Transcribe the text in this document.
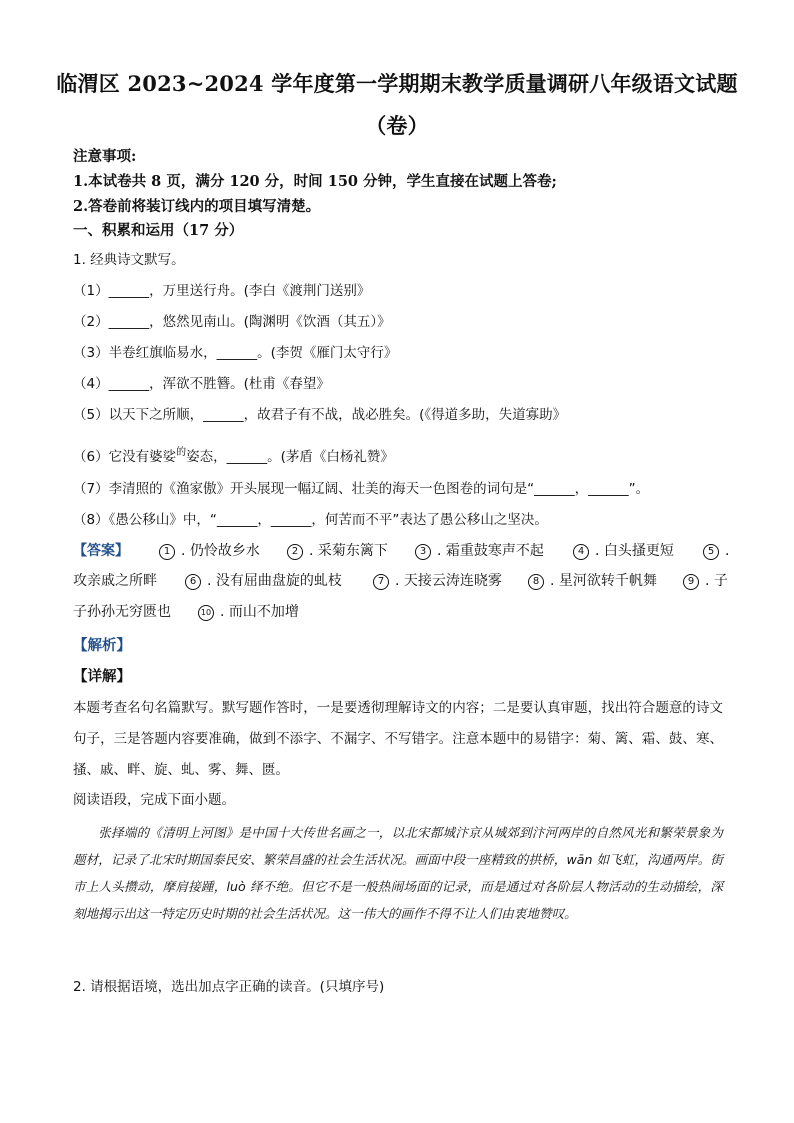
临渭区 2023~2024 学年度第一学期期末教学质量调研八年级语文试题
（卷）
注意事项:
1.本试卷共 8 页，满分 120 分，时间 150 分钟，学生直接在试题上答卷;
2.答卷前将装订线内的项目填写清楚。
一、积累和运用（17 分）
1. 经典诗文默写。
（1）______，万里送行舟。(李白《渡荆门送别》
（2）______，悠然见南山。(陶渊明《饮酒（其五）》
（3）半卷红旗临易水，______。(李贺《雁门太守行》
（4）______，浑欲不胜簪。(杜甫《春望》
（5）以天下之所顺，______，故君子有不战，战必胜矣。(《得道多助，失道寡助》
（6）它没有婆娑$^的$姿态，______。(茅盾《白杨礼赞》
（7）李清照的《渔家傲》开头展现一幅辽阔、壮美的海天一色图卷的词句是“______，______”。
（8）《愚公移山》中，“______，______，何苦而不平”表达了愚公移山之坚决。
【答案】	1 . 仍怜故乡水	2 . 采菊东篱下	3 . 霜重鼓寒声不起	4 . 白头搔更短	5 .
攻亲戚之所畔	6 . 没有屈曲盘旋的虬枝	7 . 天接云涛连晓雾	8 . 星河欲转千帆舞	9 . 子
子孙孙无穷匮也	10 . 而山不加增
【解析】
【详解】
本题考查名句名篇默写。默写题作答时，一是要透彻理解诗文的内容；二是要认真审题，找出符合题意的诗文句子，三是答题内容要准确，做到不添字、不漏字、不写错字。注意本题中的易错字：菊、篱、霜、鼓、寒、搔、戚、畔、旋、虬、雾、舞、匮。
阅读语段，完成下面小题。
张择端的《清明上河图》是中国十大传世名画之一，以北宋都城汴京从城郊到汴河两岸的自然风光和繁荣景象为题材，记录了北宋时期国泰民安、繁荣昌盛的社会生活状况。画面中段一座精致的拱桥，wān 如飞虹，沟通两岸。街市上人头攒动，摩肩接踵，luò 绎不绝。但它不是一般热闹场面的记录，而是通过对各阶层人物活动的生动描绘，深刻地揭示出这一特定历史时期的社会生活状况。这一伟大的画作不得不让人们由衷地赞叹。
2. 请根据语境，选出加点字正确的读音。(只填序号)
